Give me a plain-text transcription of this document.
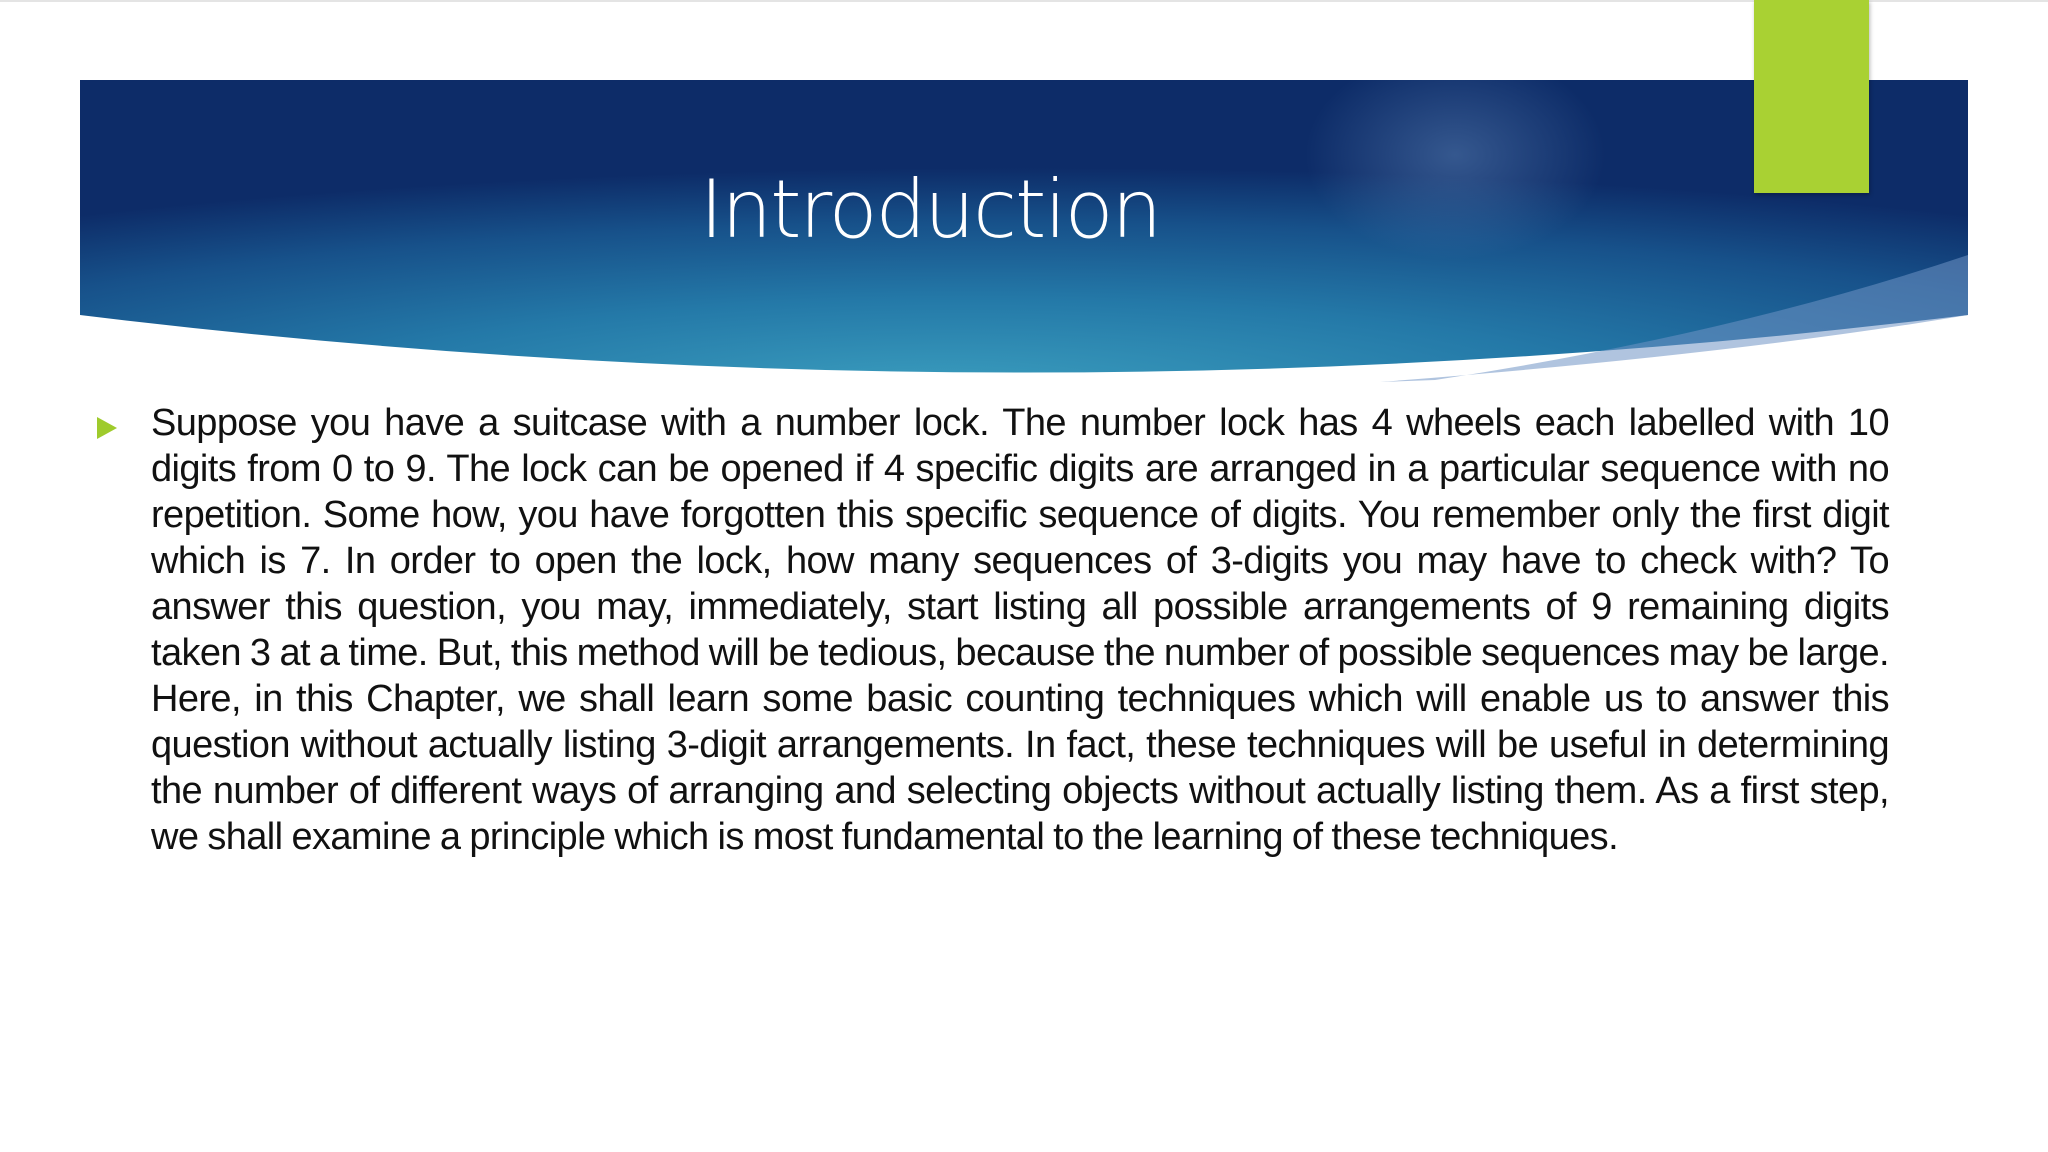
Introduction

Suppose you have a suitcase with a number lock. The number lock has 4 wheels each labelled with 10 digits from 0 to 9. The lock can be opened if 4 specific digits are arranged in a particular sequence with no repetition. Some how, you have forgotten this specific sequence of digits. You remember only the first digit which is 7. In order to open the lock, how many sequences of 3-digits you may have to check with? To answer this question, you may, immediately, start listing all possible arrangements of 9 remaining digits taken 3 at a time. But, this method will be tedious, because the number of possible sequences may be large. Here, in this Chapter, we shall learn some basic counting techniques which will enable us to answer this question without actually listing 3-digit arrangements. In fact, these techniques will be useful in determining the number of different ways of arranging and selecting objects without actually listing them. As a first step, we shall examine a principle which is most fundamental to the learning of these techniques.
